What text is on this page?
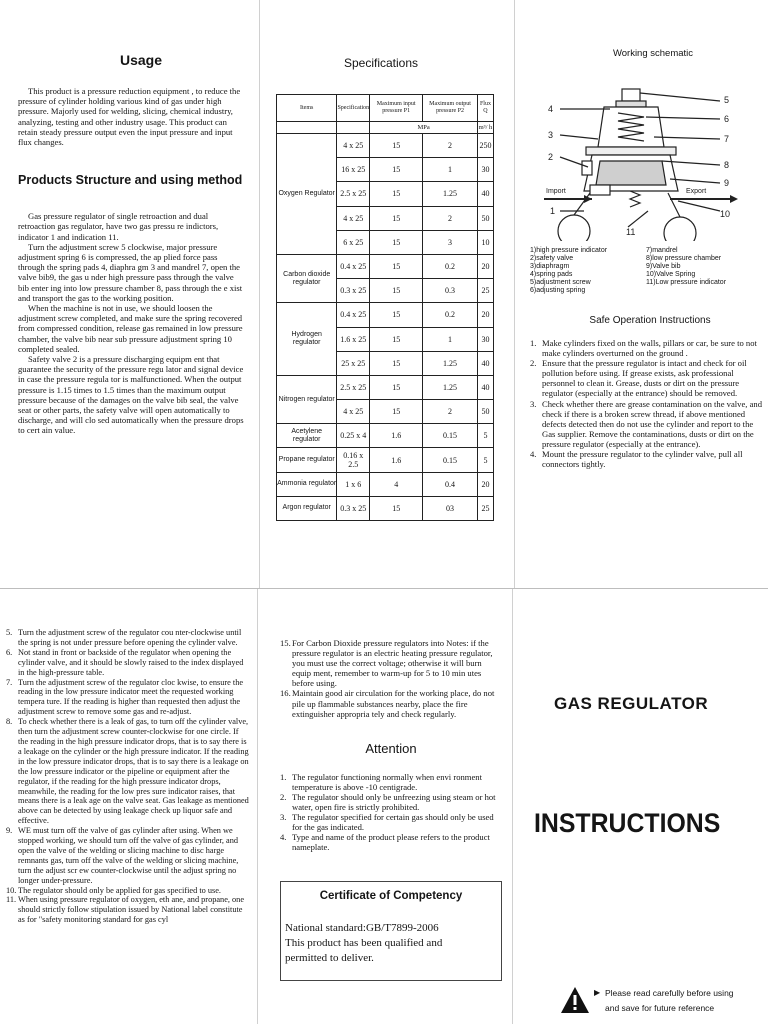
Usage

This product is a pressure reduction equipment , to reduce the pressure of cylinder holding various kind of gas under high pressure. Majorly used for welding, slicing, chemical industry, analyzing, testing and other industry usage. This product can retain steady pressure output even the input pressure and input flux changes.

Products Structure and using method

Gas pressure regulator of single retroaction and dual retroaction gas regulator, have two gas pressu re indictors, indicator 1 and indication 11.

Turn the adjustment screw 5 clockwise, major pressure adjustment spring 6 is compressed, the ap plied force pass through the spring pads 4, diaphra gm 3 and mandrel 7, open the valve bib9, the gas u nder high pressure pass through the valve bib enter ing into low pressure chamber 8, pass through the e xist and transport the gas to the working position.

When the machine is not in use, we should loosen the adjustment screw completed, and make sure the spring recovered from compressed condition, release gas remained in low pressure chamber, the valve bib near sub pressure adjustment spring 10 completed sealed.

Safety valve 2 is a pressure discharging equipm ent that guarantee the security of the pressure regu lator and signal device in case the pressure regula tor is malfunctioned. When the output pressure is 1.15 times to 1.5 times than the maximum output pressure because of the damages on the valve bib seal, the valve seat or other parts, the safety valve will open automatically to discharge, and will clo sed automatically when the pressure drops to cert ain value.

Specifications
Items	Specification	Maximum input pressure P1	Maximum output pressure P2	Flux Q
		MPa		m³/ h
Oxygen Regulator	4 x 25	15	2	250
	16 x 25	15	1	30
	2.5 x 25	15	1.25	40
	4 x 25	15	2	50
	6 x 25	15	3	10
Carbon dioxide regulator	0.4 x 25	15	0.2	20
	0.3 x 25	15	0.3	25
Hydrogen regulator	0.4 x 25	15	0.2	20
	1.6 x 25	15	1	30
	25 x 25	15	1.25	40
Nitrogen regulator	2.5 x 25	15	1.25	40
	4 x 25	15	2	50
Acetylene regulator	0.25 x 4	1.6	0.15	5
Propane regulator	0.16 x 2.5	1.6	0.15	5
Ammonia regulator	1 x 6	4	0.4	20
Argon regulator	0.3 x 25	15	03	25
Working schematic
5
6
7
8
9
10
4
3
2
1
11
Import	Export
1)high pressure indicator	7)mandrel
2)safety valve	8)low pressure chamber
3)diaphragm	9)Valve bib
4)spring pads	10)Valve Spring
5)adjustment screw	11)Low pressure indicator
6)adjusting spring
Safe Operation Instructions
1. Make cylinders fixed on the walls, pillars or car, be sure to not make cylinders overturned on the ground .
2. Ensure that the pressure regulator is intact and check for oil pollution before using. If grease exists, ask professional personnel to clean it. Grease, dusts or dirt on the pressure regulator (especially at the entrance) should be removed.
3. Check whether there are grease contamination on the valve, and check if there is a broken screw thread, if above mentioned defects detected then do not use the cylinder and report to the Gas supplier. Remove the contaminations, dusts or dirt on the pressure regulator (especially at the entrance).
4. Mount the pressure regulator to the cylinder valve, pull all connectors tightly.
5. Turn the adjustment screw of the regulator cou nter-clockwise until the spring is not under pressure before opening the cylinder valve.
6. Not stand in front or backside of the regulator when opening the cylinder valve, and it should be slowly raised to the index displayed in the high-pressure table.
7. Turn the adjustment screw of the regulator cloc kwise, to ensure the reading in the low pressure indicator meet the requested working tempera ture. If the reading is higher than requested then adjust the adjustment screw to remove some gas and re-adjust.
8. To check whether there is a leak of gas, to turn off the cylinder valve, then turn the adjustment screw counter-clockwise for one circle. If the reading in the high pressure indicator drops, that is to say there is a leakage on the cylinder or the high pressure indicator. If the reading in the low pressure indicator drops, that is to say there is a leakage on the low pressure indicator or the pipeline or equipment after the regulator, if the reading for the high pressure indicator drops, meanwhile, the reading for the low pres sure indicator raises, that means there is a leak age on the valve seat. Gas leakage as mentioned above can be detected by using leakage check up liquor safe and effective.
9. WE must turn off the valve of gas cylinder after using. When we stopped working, we should turn off the valve of gas cylinder, and open the valve of the welding or slicing machine to disc harge remnants gas, turn off the valve of the welding or slicing machine, turn the adjust scr ew counter-clockwise until the adjust spring no longer under-pressure.
10. The regulator should only be applied for gas specified to use.
11. When using pressure regulator of oxygen, eth ane, and propane, one should strictly follow stipulation issued by National label constitute as for "safety monitoring standard for gas cyl
15. For Carbon Dioxide pressure regulators into Notes: if the pressure regulator is an electric heating pressure regulator, you must use the correct voltage; otherwise it will burn equip ment, remember to warm-up for 5 to 10 min utes before using.
16. Maintain good air circulation for the working place, do not pile up flammable substances nearby, place the fire extinguisher appropria tely and check regularly.
Attention
1. The regulator functioning normally when envi ronment temperature is above -10 centigrade.
2. The regulator should only be unfreezing using steam or hot water, open fire is strictly prohibited.
3. The regulator specified for certain gas should only be used for the gas indicated.
4. Type and name of the product please refers to the product nameplate.
Certificate of Competency
National standard:GB/T7899-2006
This product has been qualified and
permitted to deliver.
GAS REGULATOR
INSTRUCTIONS
▶ Please read carefully before using
and save for future reference
